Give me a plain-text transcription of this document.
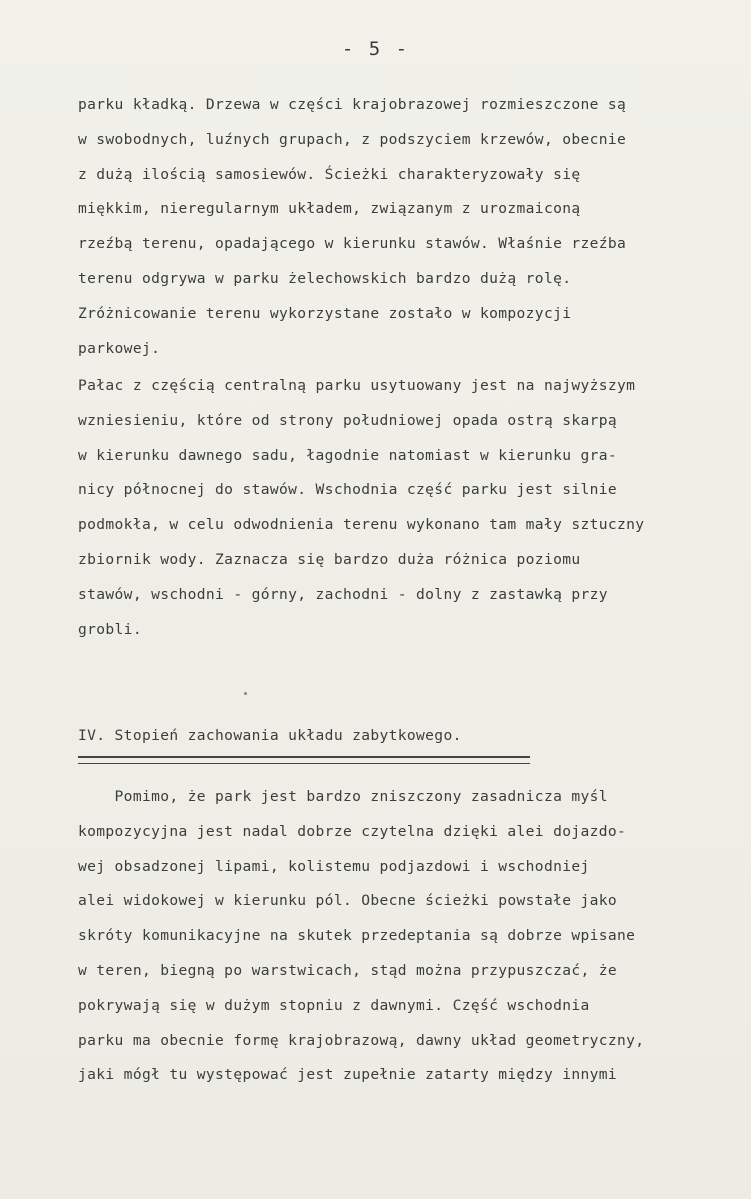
- 5 -
parku kładką. Drzewa w części krajobrazowej rozmieszczone są
w swobodnych, luźnych grupach, z podszyciem krzewów, obecnie
z dużą ilością samosiewów. Ścieżki charakteryzowały się
miękkim, nieregularnym układem, związanym z urozmaiconą
rzeźbą terenu, opadającego w kierunku stawów. Właśnie rzeźba
terenu odgrywa w parku żelechowskich bardzo dużą rolę.
Zróżnicowanie terenu wykorzystane zostało w kompozycji
parkowej.
Pałac z częścią centralną parku usytuowany jest na najwyższym
wzniesieniu, które od strony południowej opada ostrą skarpą
w kierunku dawnego sadu, łagodnie natomiast w kierunku gra-
nicy północnej do stawów. Wschodnia część parku jest silnie
podmokła, w celu odwodnienia terenu wykonano tam mały sztuczny
zbiornik wody. Zaznacza się bardzo duża różnica poziomu
stawów, wschodni - górny, zachodni - dolny z zastawką przy
grobli.
IV. Stopień zachowania układu zabytkowego.
Pomimo, że park jest bardzo zniszczony zasadnicza myśl
kompozycyjna jest nadal dobrze czytelna dzięki alei dojazdo-
wej obsadzonej lipami, kolistemu podjazdowi i wschodniej
alei widokowej w kierunku pól. Obecne ścieżki powstałe jako
skróty komunikacyjne na skutek przedeptania są dobrze wpisane
w teren, biegną po warstwicach, stąd można przypuszczać, że
pokrywają się w dużym stopniu z dawnymi. Część wschodnia
parku ma obecnie formę krajobrazową, dawny układ geometryczny,
jaki mógł tu występować jest zupełnie zatarty między innymi
